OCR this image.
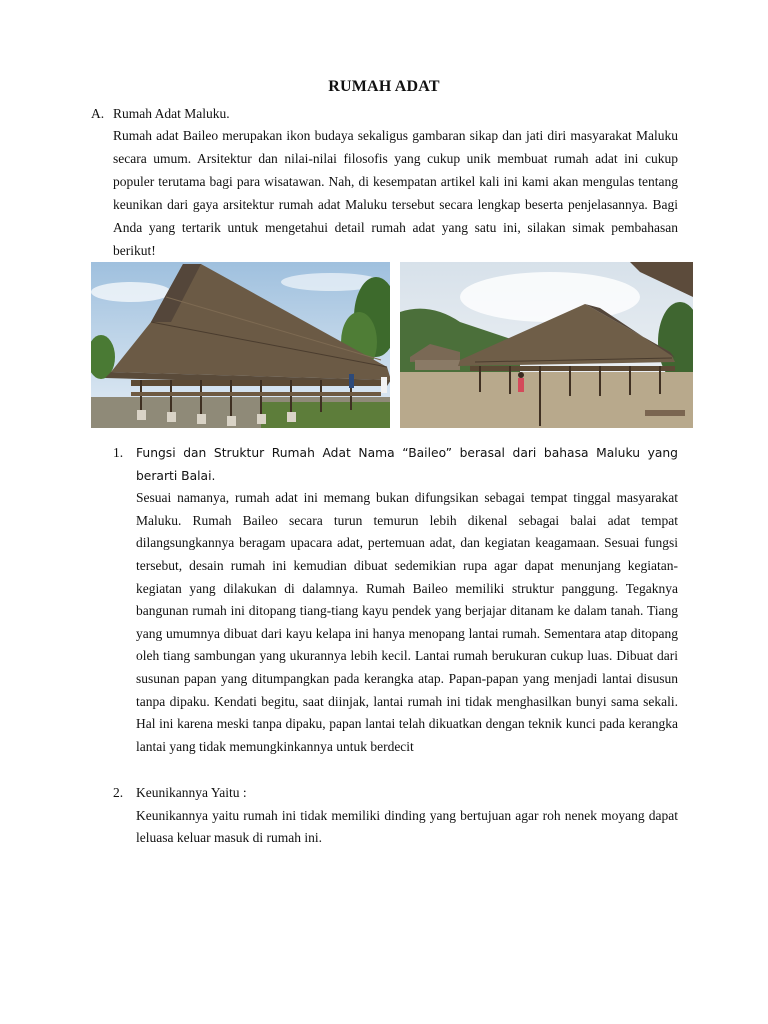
RUMAH ADAT
A. Rumah Adat Maluku.
Rumah adat Baileo merupakan ikon budaya sekaligus gambaran sikap dan jati diri masyarakat Maluku secara umum. Arsitektur dan nilai-nilai filosofis yang cukup unik membuat rumah adat ini cukup populer terutama bagi para wisatawan. Nah, di kesempatan artikel kali ini kami akan mengulas tentang keunikan dari gaya arsitektur rumah adat Maluku tersebut secara lengkap beserta penjelasannya. Bagi Anda yang tertarik untuk mengetahui detail rumah adat yang satu ini, silakan simak pembahasan berikut!
1.	Fungsi dan Struktur Rumah Adat Nama “Baileo” berasal dari bahasa Maluku yang berarti Balai.
Sesuai namanya, rumah adat ini memang bukan difungsikan sebagai tempat tinggal masyarakat Maluku. Rumah Baileo secara turun temurun lebih dikenal sebagai balai adat tempat dilangsungkannya beragam upacara adat, pertemuan adat, dan kegiatan keagamaan. Sesuai fungsi tersebut, desain rumah ini kemudian dibuat sedemikian rupa agar dapat menunjang kegiatan-kegiatan yang dilakukan di dalamnya. Rumah Baileo memiliki struktur panggung. Tegaknya bangunan rumah ini ditopang tiang-tiang kayu pendek yang berjajar ditanam ke dalam tanah. Tiang yang umumnya dibuat dari kayu kelapa ini hanya menopang lantai rumah. Sementara atap ditopang oleh tiang sambungan yang ukurannya lebih kecil. Lantai rumah berukuran cukup luas. Dibuat dari susunan papan yang ditumpangkan pada kerangka atap. Papan-papan yang menjadi lantai disusun tanpa dipaku. Kendati begitu, saat diinjak, lantai rumah ini tidak menghasilkan bunyi sama sekali. Hal ini karena meski tanpa dipaku, papan lantai telah dikuatkan dengan teknik kunci pada kerangka lantai yang tidak memungkinkannya untuk berdecit
2. Keunikannya Yaitu :
Keunikannya yaitu rumah ini tidak memiliki dinding yang bertujuan agar roh nenek moyang dapat leluasa keluar masuk di rumah ini.
